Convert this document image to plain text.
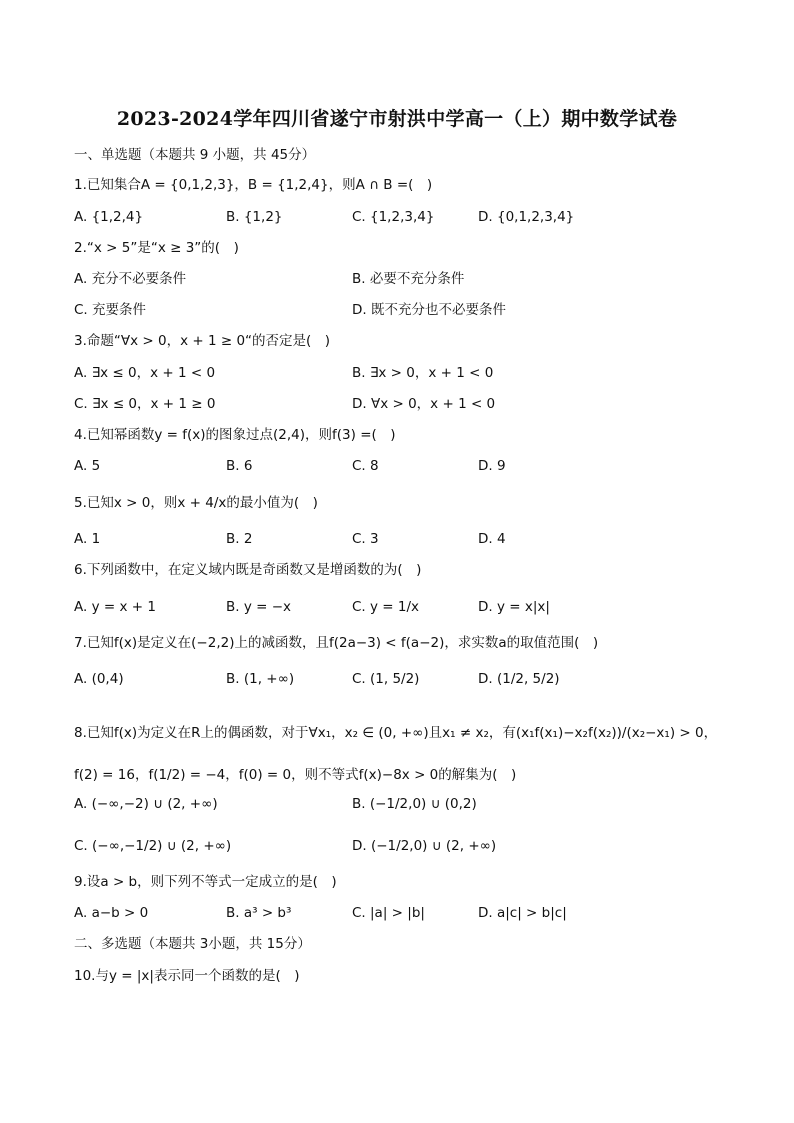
2023-2024学年四川省遂宁市射洪中学高一（上）期中数学试卷
一、单选题（本题共 9 小题，共 45分）
1.已知集合A = {0,1,2,3}，B = {1,2,4}，则A ∩ B =(　)
A. {1,2,4}	B. {1,2}	C. {1,2,3,4}	D. {0,1,2,3,4}
2.“x > 5”是“x ≥ 3”的(　)
A. 充分不必要条件	B. 必要不充分条件
C. 充要条件	D. 既不充分也不必要条件
3.命题“∀x > 0，x + 1 ≥ 0“的否定是(　)
A. ∃x ≤ 0，x + 1 < 0	B. ∃x > 0，x + 1 < 0
C. ∃x ≤ 0，x + 1 ≥ 0	D. ∀x > 0，x + 1 < 0
4.已知幂函数y = f(x)的图象过点(2,4)，则f(3) =(　)
A. 5	B. 6	C. 8	D. 9
5.已知x > 0，则x + 4/x的最小值为(　)
A. 1	B. 2	C. 3	D. 4
6.下列函数中，在定义域内既是奇函数又是增函数的为(　)
A. y = x + 1	B. y = −x	C. y = 1/x	D. y = x|x|
7.已知f(x)是定义在(−2,2)上的减函数，且f(2a−3) < f(a−2)，求实数a的取值范围(　)
A. (0,4)	B. (1, +∞)	C. (1, 5/2)	D. (1/2, 5/2)
8.已知f(x)为定义在R上的偶函数，对于∀x₁，x₂ ∈ (0, +∞)且x₁ ≠ x₂，有(x₁f(x₁)−x₂f(x₂))/(x₂−x₁) > 0，f(2) = 16，f(1/2) = −4，f(0) = 0，则不等式f(x)−8x > 0的解集为(　)
A. (−∞,−2) ∪ (2, +∞)	B. (−1/2,0) ∪ (0,2)
C. (−∞,−1/2) ∪ (2, +∞)	D. (−1/2,0) ∪ (2, +∞)
9.设a > b，则下列不等式一定成立的是(　)
A. a−b > 0	B. a³ > b³	C. |a| > |b|	D. a|c| > b|c|
二、多选题（本题共 3小题，共 15分）
10.与y = |x|表示同一个函数的是(　)
